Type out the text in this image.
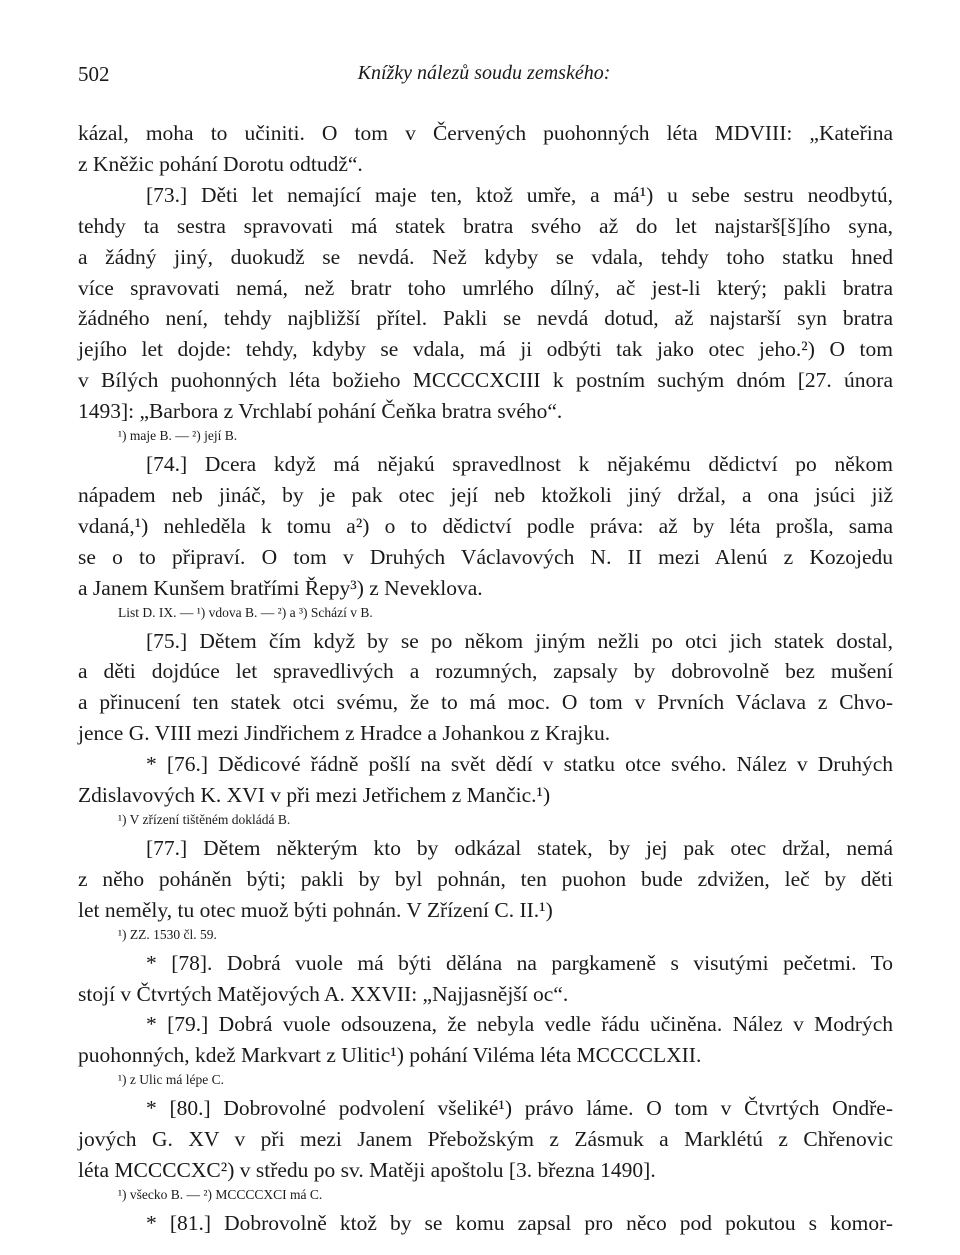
502	Knížky nálezů soudu zemského:
kázal, moha to učiniti. O tom v Červených puohonných léta MDVIII: „Kateřina
z Kněžic pohání Dorotu odtudž“.
[73.] Děti let nemající maje ten, ktož umře, a má¹) u sebe sestru neodbytú,
tehdy ta sestra spravovati má statek bratra svého až do let najstarš[š]ího syna,
a žádný jiný, duokudž se nevdá. Než kdyby se vdala, tehdy toho statku hned
více spravovati nemá, než bratr toho umrlého dílný, ač jest-li který; pakli bratra
žádného není, tehdy najbližší přítel. Pakli se nevdá dotud, až najstarší syn bratra
jejího let dojde: tehdy, kdyby se vdala, má ji odbýti tak jako otec jeho.²) O tom
v Bílých puohonných léta božieho MCCCCXCIII k postním suchým dnóm [27. února
1493]: „Barbora z Vrchlabí pohání Čeňka bratra svého“.
¹) maje B. — ²) její B.
[74.] Dcera když má nějakú spravedlnost k nějakému dědictví po někom
nápadem neb jináč, by je pak otec její neb ktožkoli jiný držal, a ona jsúci již
vdaná,¹) nehleděla k tomu a²) o to dědictví podle práva: až by léta prošla, sama
se o to připraví. O tom v Druhých Václavových N. II mezi Alenú z Kozojedu
a Janem Kunšem bratřími Řepy³) z Neveklova.
List D. IX. — ¹) vdova B. — ²) a ³) Schází v B.
[75.] Dětem čím když by se po někom jiným nežli po otci jich statek dostal,
a děti dojdúce let spravedlivých a rozumných, zapsaly by dobrovolně bez mušení
a přinucení ten statek otci svému, že to má moc. O tom v Prvních Václava z Chvo-
jence G. VIII mezi Jindřichem z Hradce a Johankou z Krajku.
* [76.] Dědicové řádně pošlí na svět dědí v statku otce svého. Nález v Druhých
Zdislavových K. XVI v při mezi Jetřichem z Mančic.¹)
¹) V zřízení tištěném dokládá B.
[77.] Dětem některým kto by odkázal statek, by jej pak otec držal, nemá
z něho poháněn býti; pakli by byl pohnán, ten puohon bude zdvižen, leč by děti
let neměly, tu otec muož býti pohnán. V Zřízení C. II.¹)
¹) ZZ. 1530 čl. 59.
* [78]. Dobrá vuole má býti dělána na pargkameně s visutými pečetmi. To
stojí v Čtvrtých Matějových A. XXVII: „Najjasnější oc“.
* [79.] Dobrá vuole odsouzena, že nebyla vedle řádu učiněna. Nález v Modrých
puohonných, kdež Markvart z Ulitic¹) pohání Viléma léta MCCCCLXII.
¹) z Ulic má lépe C.
* [80.] Dobrovolné podvolení všeliké¹) právo láme. O tom v Čtvrtých Ondře-
jových G. XV v při mezi Janem Přebožským z Zásmuk a Marklétú z Chřenovic
léta MCCCCXC²) v středu po sv. Matěji apoštolu [3. března 1490].
¹) všecko B. — ²) MCCCCXCI má C.
* [81.] Dobrovolně ktož by se komu zapsal pro něco pod pokutou s komor-
